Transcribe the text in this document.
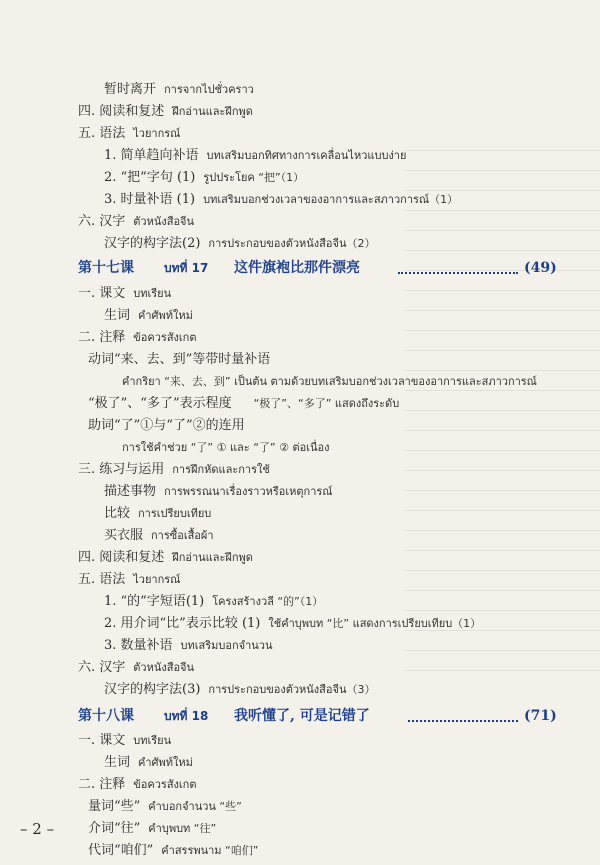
暂时离开 การจากไปชั่วคราว
四. 阅读和复述 ฝึกอ่านและฝึกพูด
五. 语法 ไวยากรณ์
1. 简单趋向补语 บทเสริมบอกทิศทางการเคลื่อนไหวแบบง่าย
2. “把”字句 (1) รูปประโยค “把”（1）
3. 时量补语 (1) บทเสริมบอกช่วงเวลาของอาการและสภาวการณ์（1）
六. 汉字 ตัวหนังสือจีน
汉字的构字法(2) การประกอบของตัวหนังสือจีน（2）
第十七课	บทที่ 17 这件旗袍比那件漂亮	(49)
一. 课文 บทเรียน
生词 คำศัพท์ใหม่
二. 注释 ข้อควรสังเกต
动词“来、去、到”等带时量补语
คำกริยา “来、去、到” เป็นต้น ตามด้วยบทเสริมบอกช่วงเวลาของอาการและสภาวการณ์
“极了”、“多了”表示程度 “极了”、“多了” แสดงถึงระดับ
助词“了”①与“了”②的连用
การใช้คำช่วย “了” ① และ “了” ② ต่อเนื่อง
三. 练习与运用 การฝึกหัดและการใช้
描述事物 การพรรณนาเรื่องราวหรือเหตุการณ์
比较 การเปรียบเทียบ
买衣服 การซื้อเสื้อผ้า
四. 阅读和复述 ฝึกอ่านและฝึกพูด
五. 语法 ไวยากรณ์
1. “的”字短语(1) โครงสร้างวลี “的”（1）
2. 用介词“比”表示比较 (1) ใช้คำบุพบท “比” แสดงการเปรียบเทียบ（1）
3. 数量补语 บทเสริมบอกจำนวน
六. 汉字 ตัวหนังสือจีน
汉字的构字法(3) การประกอบของตัวหนังสือจีน（3）
第十八课	บทที่ 18 我听懂了, 可是记错了	(71)
一. 课文 บทเรียน
生词 คำศัพท์ใหม่
二. 注释 ข้อควรสังเกต
量词“些” คำบอกจำนวน “些”
介词“往” คำบุพบท “往”
代词“咱们” คำสรรพนาม “咱们”
– 2 –
